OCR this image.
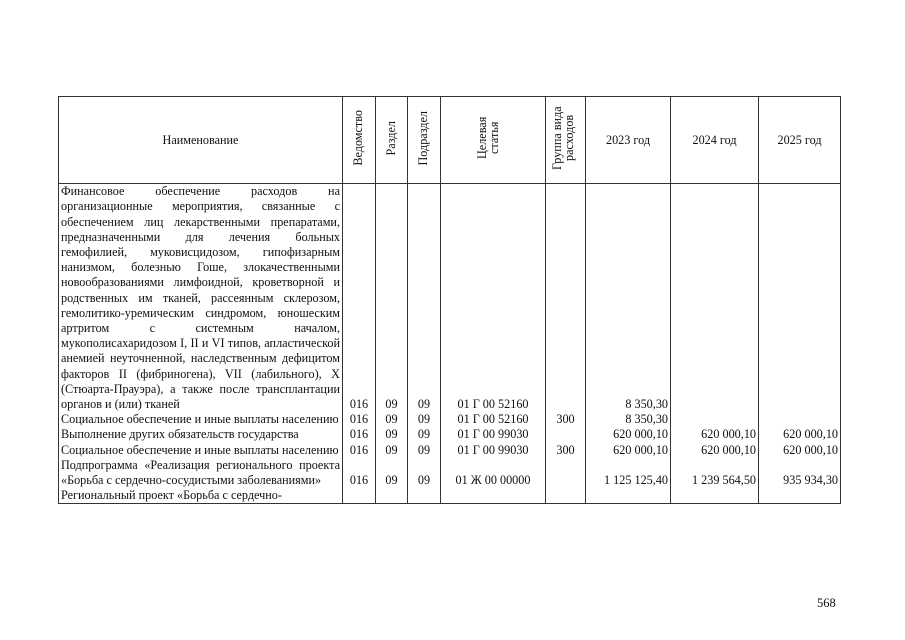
Наименование	Ведомство	Раздел	Подраздел	Целевая статья	Группа вида расходов	2023 год	2024 год	2025 год
Финансовое обеспечение расходов на организационные мероприятия, связанные с обеспечением лиц лекарственными препаратами, предназначенными для лечения больных гемофилией, муковисцидозом, гипофизарным нанизмом, болезнью Гоше, злокачественными новообразованиями лимфоидной, кроветворной и родственных им тканей, рассеянным склерозом, гемолитико-уремическим синдромом, юношеским артритом с системным началом, мукополисахаридозом I, II и VI типов, апластической анемией неуточненной, наследственным дефицитом факторов II (фибриногена), VII (лабильного), X (Стюарта-Прауэра), а также после трансплантации органов и (или) тканей	016	09	09	01 Г 00 52160		8 350,30		
Социальное обеспечение и иные выплаты населению	016	09	09	01 Г 00 52160	300	8 350,30		
Выполнение других обязательств государства	016	09	09	01 Г 00 99030		620 000,10	620 000,10	620 000,10
Социальное обеспечение и иные выплаты населению	016	09	09	01 Г 00 99030	300	620 000,10	620 000,10	620 000,10
Подпрограмма «Реализация регионального проекта «Борьба с сердечно-сосудистыми заболеваниями»	016	09	09	01 Ж 00 00000		1 125 125,40	1 239 564,50	935 934,30
Региональный проект «Борьба с сердечно-								
568
